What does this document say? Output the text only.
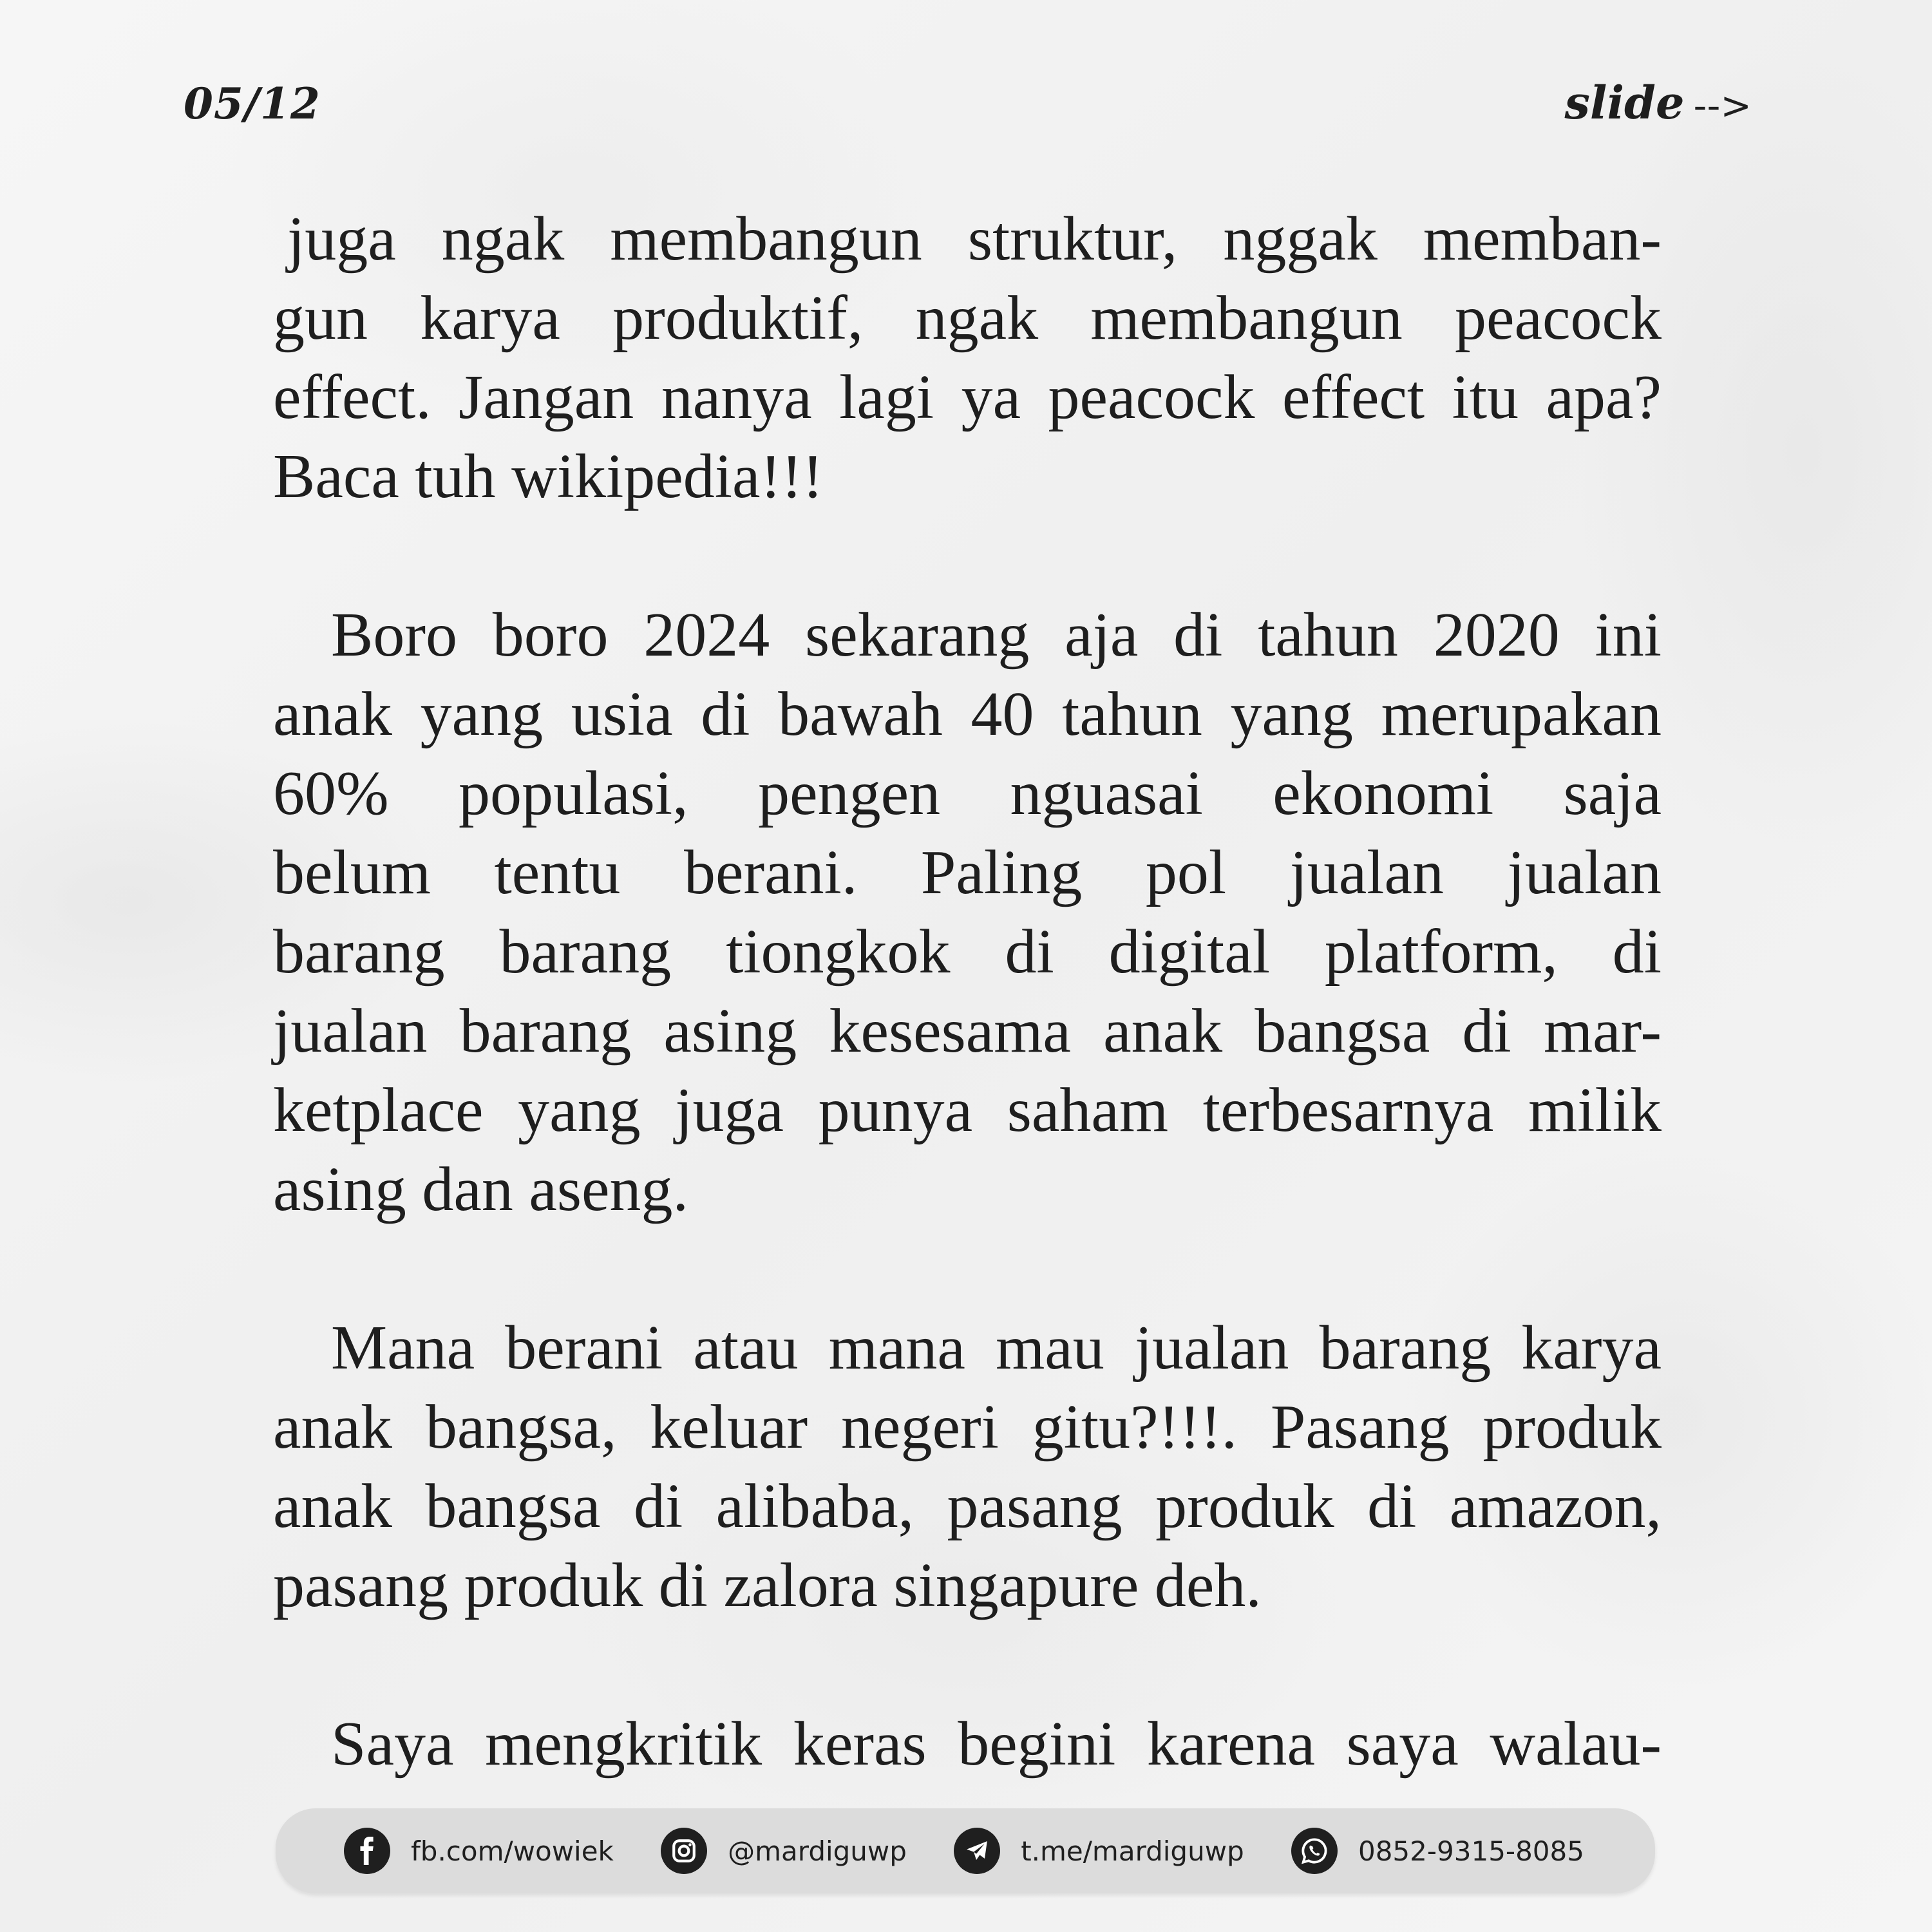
05/12	slide -->
juga ngak membangun struktur, nggak memban-
gun karya produktif, ngak membangun peacock
effect. Jangan nanya lagi ya peacock effect itu apa?
Baca tuh wikipedia!!!
Boro boro 2024 sekarang aja di tahun 2020 ini
anak yang usia di bawah 40 tahun yang merupakan
60% populasi, pengen nguasai ekonomi saja
belum tentu berani. Paling pol jualan jualan
barang barang tiongkok di digital platform, di
jualan barang asing kesesama anak bangsa di mar-
ketplace yang juga punya saham terbesarnya milik
asing dan aseng.
Mana berani atau mana mau jualan barang karya
anak bangsa, keluar negeri gitu?!!!. Pasang produk
anak bangsa di alibaba, pasang produk di amazon,
pasang produk di zalora singapure deh.
Saya mengkritik keras begini karena saya walau-
fb.com/wowiek	@mardiguwp	t.me/mardiguwp	0852-9315-8085
